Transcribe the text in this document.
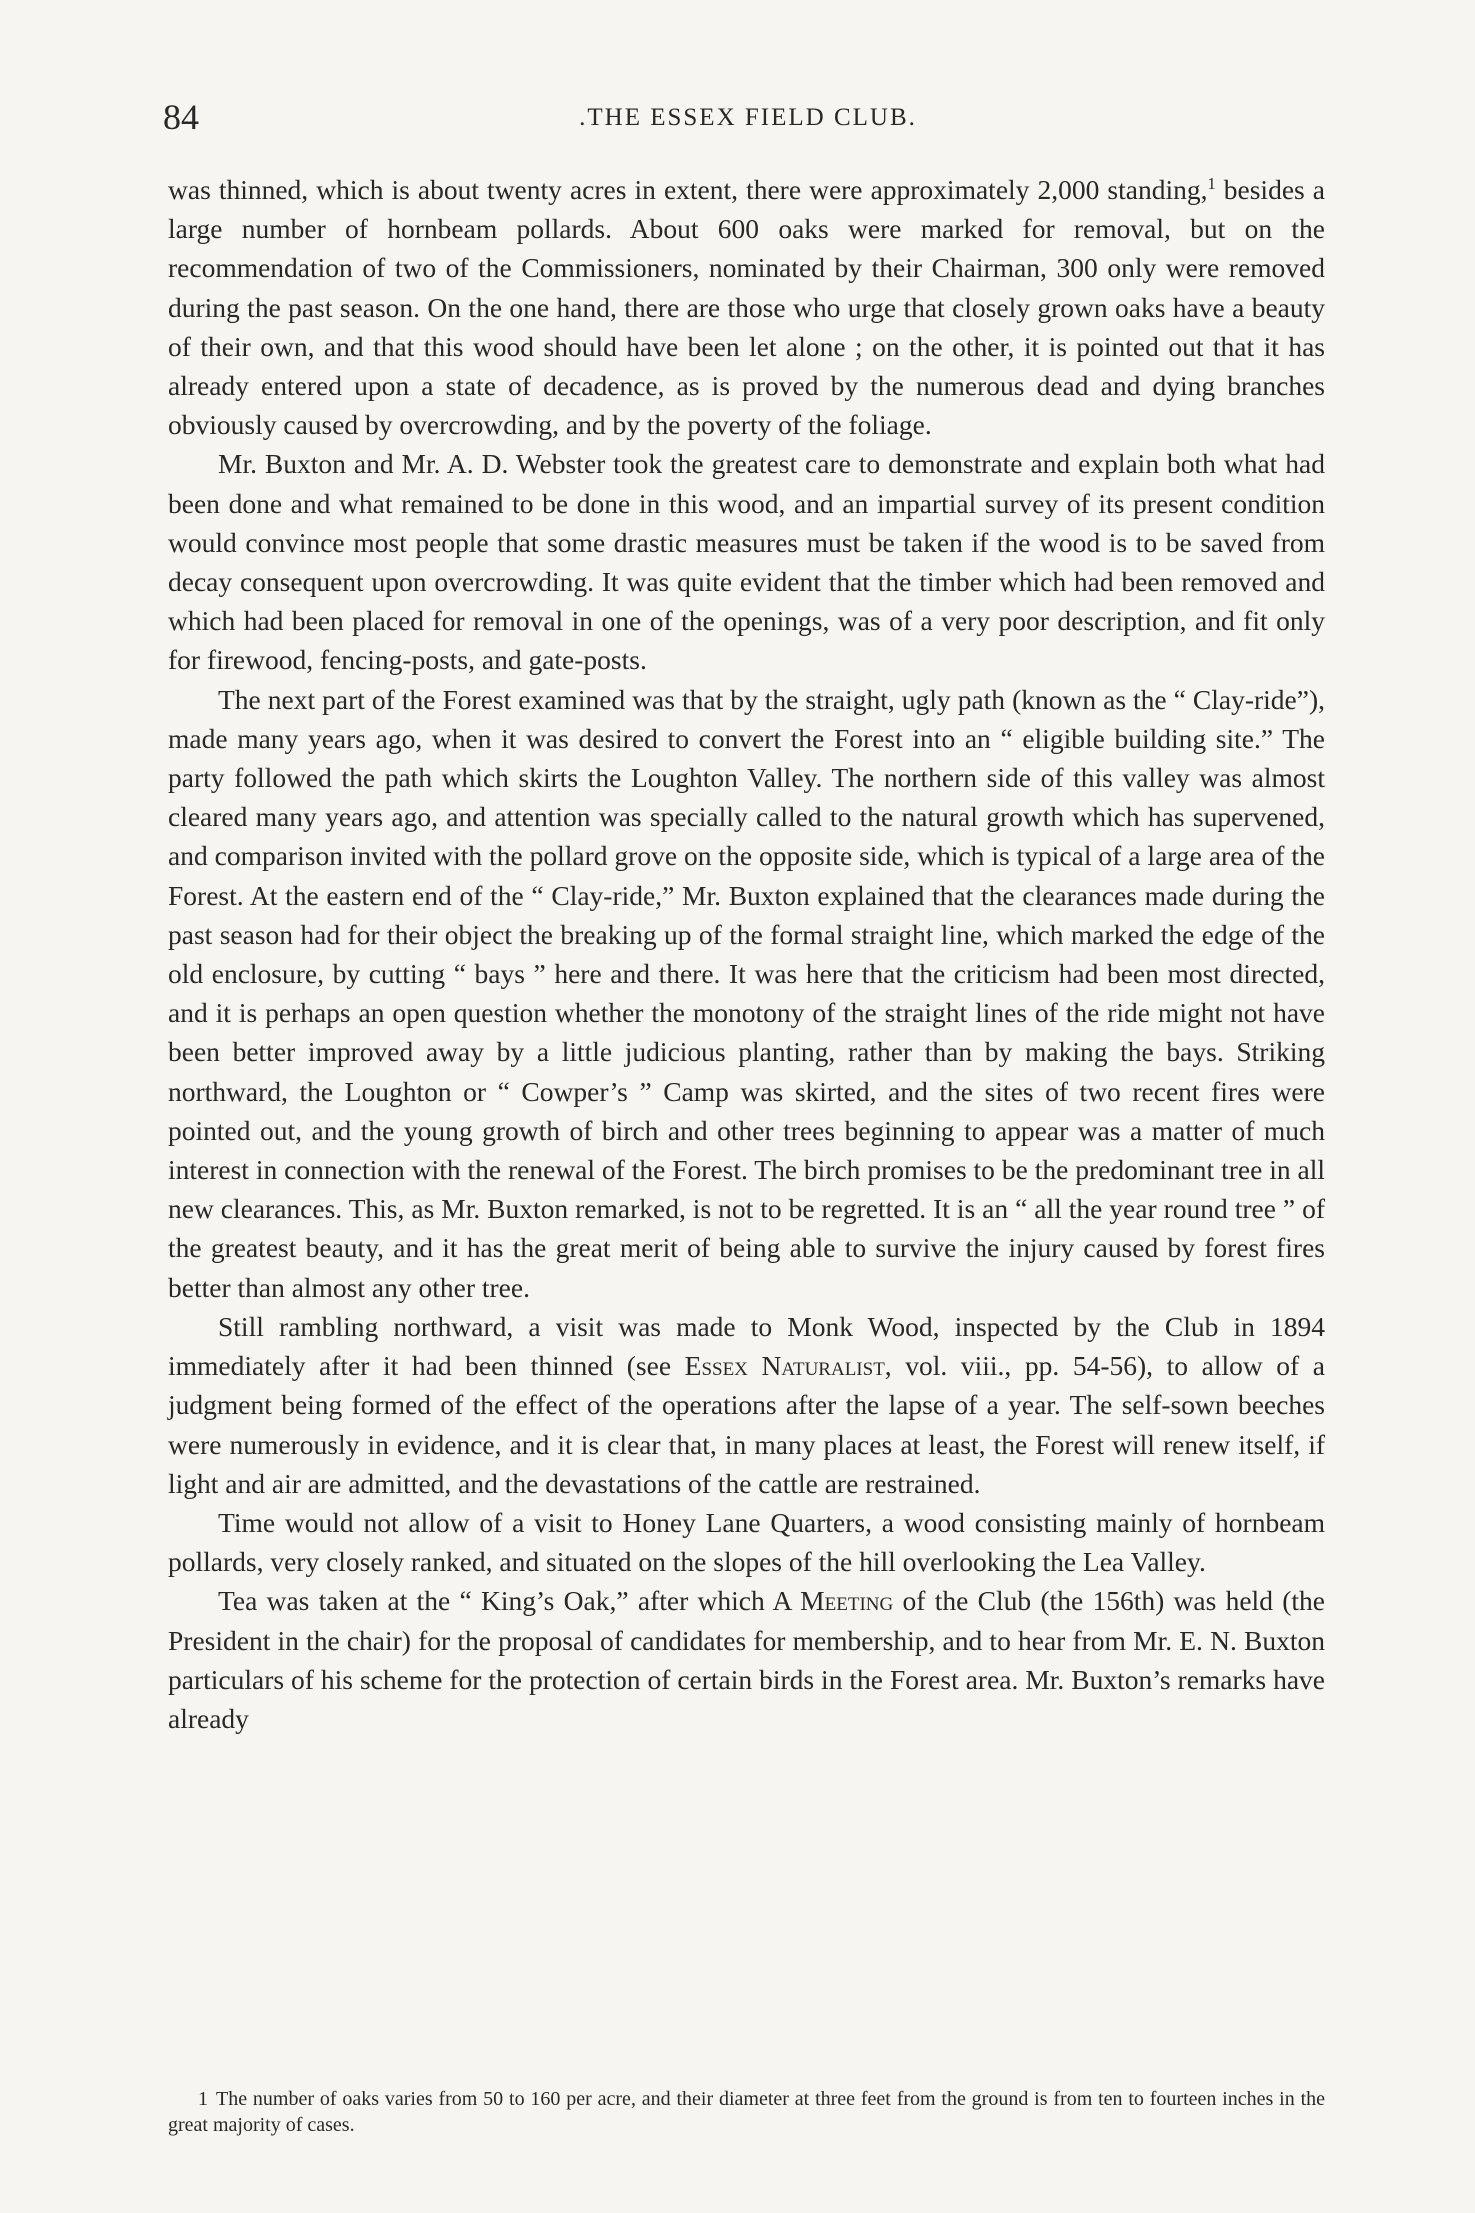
84	.THE ESSEX FIELD CLUB.

was thinned, which is about twenty acres in extent, there were approximately 2,000 standing,$^1$ besides a large number of hornbeam pollards. About 600 oaks were marked for removal, but on the recommendation of two of the Commissioners, nominated by their Chairman, 300 only were removed during the past season. On the one hand, there are those who urge that closely grown oaks have a beauty of their own, and that this wood should have been let alone ; on the other, it is pointed out that it has already entered upon a state of decadence, as is proved by the numerous dead and dying branches obviously caused by overcrowding, and by the poverty of the foliage.

Mr. Buxton and Mr. A. D. Webster took the greatest care to demonstrate and explain both what had been done and what remained to be done in this wood, and an impartial survey of its present condition would convince most people that some drastic measures must be taken if the wood is to be saved from decay consequent upon overcrowding. It was quite evident that the timber which had been removed and which had been placed for removal in one of the openings, was of a very poor description, and fit only for firewood, fencing-posts, and gate-posts.

The next part of the Forest examined was that by the straight, ugly path (known as the “ Clay-ride”), made many years ago, when it was desired to convert the Forest into an “ eligible building site.” The party followed the path which skirts the Loughton Valley. The northern side of this valley was almost cleared many years ago, and attention was specially called to the natural growth which has supervened, and comparison invited with the pollard grove on the opposite side, which is typical of a large area of the Forest. At the eastern end of the “ Clay-ride,” Mr. Buxton explained that the clearances made during the past season had for their object the breaking up of the formal straight line, which marked the edge of the old enclosure, by cutting “ bays ” here and there. It was here that the criticism had been most directed, and it is perhaps an open question whether the monotony of the straight lines of the ride might not have been better improved away by a little judicious planting, rather than by making the bays. Striking northward, the Loughton or “ Cowper’s ” Camp was skirted, and the sites of two recent fires were pointed out, and the young growth of birch and other trees beginning to appear was a matter of much interest in connection with the renewal of the Forest. The birch promises to be the predominant tree in all new clearances. This, as Mr. Buxton remarked, is not to be regretted. It is an “ all the year round tree ” of the greatest beauty, and it has the great merit of being able to survive the injury caused by forest fires better than almost any other tree.

Still rambling northward, a visit was made to Monk Wood, inspected by the Club in 1894 immediately after it had been thinned (see Essex Naturalist, vol. viii., pp. 54-56), to allow of a judgment being formed of the effect of the operations after the lapse of a year. The self-sown beeches were numerously in evidence, and it is clear that, in many places at least, the Forest will renew itself, if light and air are admitted, and the devastations of the cattle are restrained.

Time would not allow of a visit to Honey Lane Quarters, a wood consisting mainly of hornbeam pollards, very closely ranked, and situated on the slopes of the hill overlooking the Lea Valley.

Tea was taken at the “ King’s Oak,” after which A Meeting of the Club (the 156th) was held (the President in the chair) for the proposal of candidates for membership, and to hear from Mr. E. N. Buxton particulars of his scheme for the protection of certain birds in the Forest area. Mr. Buxton’s remarks have already

1 The number of oaks varies from 50 to 160 per acre, and their diameter at three feet from the ground is from ten to fourteen inches in the great majority of cases.
